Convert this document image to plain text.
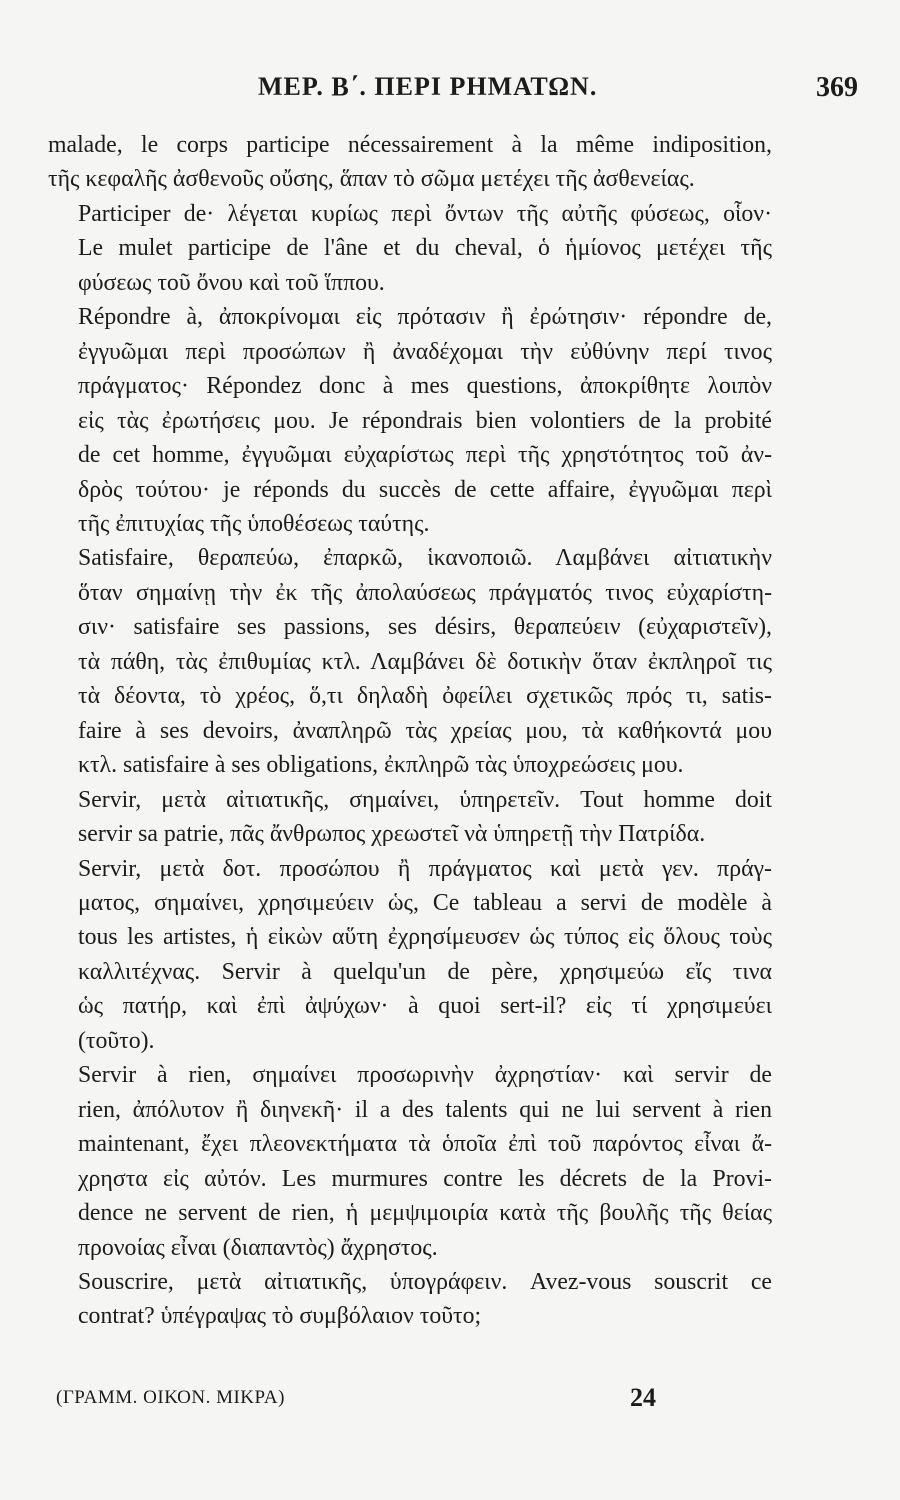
ΜΕΡ. Β΄. ΠΕΡΙ ΡΗΜΑΤΩΝ.	369
malade, le corps participe nécessairement à la même indiposition,
τῆς κεφαλῆς ἀσθενοῦς οὔσης, ἅπαν τὸ σῶμα μετέχει τῆς ἀσθενείας.
Participer de· λέγεται κυρίως περὶ ὄντων τῆς αὐτῆς φύσεως, οἷον·
Le mulet participe de l'âne et du cheval, ὁ ἡμίονος μετέχει τῆς
φύσεως τοῦ ὄνου καὶ τοῦ ἵππου.
Répondre à, ἀποκρίνομαι εἰς πρότασιν ἢ ἐρώτησιν· répondre de,
ἐγγυῶμαι περὶ προσώπων ἢ ἀναδέχομαι τὴν εὐθύνην περί τινος
πράγματος· Répondez donc à mes questions, ἀποκρίθητε λοιπὸν
εἰς τὰς ἐρωτήσεις μου. Je répondrais bien volontiers de la probité
de cet homme, ἐγγυῶμαι εὐχαρίστως περὶ τῆς χρηστότητος τοῦ ἀν-
δρὸς τούτου· je réponds du succès de cette affaire, ἐγγυῶμαι περὶ
τῆς ἐπιτυχίας τῆς ὑποθέσεως ταύτης.
Satisfaire, θεραπεύω, ἐπαρκῶ, ἱκανοποιῶ. Λαμβάνει αἰτιατικὴν
ὅταν σημαίνῃ τὴν ἐκ τῆς ἀπολαύσεως πράγματός τινος εὐχαρίστη-
σιν· satisfaire ses passions, ses désirs, θεραπεύειν (εὐχαριστεῖν),
τὰ πάθη, τὰς ἐπιθυμίας κτλ. Λαμβάνει δὲ δοτικὴν ὅταν ἐκπληροῖ τις
τὰ δέοντα, τὸ χρέος, ὅ,τι δηλαδὴ ὀφείλει σχετικῶς πρός τι, satis-
faire à ses devoirs, ἀναπληρῶ τὰς χρείας μου, τὰ καθήκοντά μου
κτλ. satisfaire à ses obligations, ἐκπληρῶ τὰς ὑποχρεώσεις μου.
Servir, μετὰ αἰτιατικῆς, σημαίνει, ὑπηρετεῖν. Tout homme doit
servir sa patrie, πᾶς ἄνθρωπος χρεωστεῖ νὰ ὑπηρετῇ τὴν Πατρίδα.
Servir, μετὰ δοτ. προσώπου ἢ πράγματος καὶ μετὰ γεν. πράγ-
ματος, σημαίνει, χρησιμεύειν ὡς, Ce tableau a servi de modèle à
tous les artistes, ἡ εἰκὼν αὕτη ἐχρησίμευσεν ὡς τύπος εἰς ὅλους τοὺς
καλλιτέχνας. Servir à quelqu'un de père, χρησιμεύω εἴς τινα
ὡς πατήρ, καὶ ἐπὶ ἀψύχων· à quoi sert-il? εἰς τί χρησιμεύει
(τοῦτο).
Servir à rien, σημαίνει προσωρινὴν ἀχρηστίαν· καὶ servir de
rien, ἀπόλυτον ἢ διηνεκῆ· il a des talents qui ne lui servent à rien
maintenant, ἔχει πλεονεκτήματα τὰ ὁποῖα ἐπὶ τοῦ παρόντος εἶναι ἄ-
χρηστα εἰς αὐτόν. Les murmures contre les décrets de la Provi-
dence ne servent de rien, ἡ μεμψιμοιρία κατὰ τῆς βουλῆς τῆς θείας
προνοίας εἶναι (διαπαντὸς) ἄχρηστος.
Souscrire, μετὰ αἰτιατικῆς, ὑπογράφειν. Avez-vous souscrit ce
contrat? ὑπέγραψας τὸ συμβόλαιον τοῦτο;
(ΓΡΑΜΜ. ΟΙΚΟΝ. ΜΙΚΡΑ)	24
